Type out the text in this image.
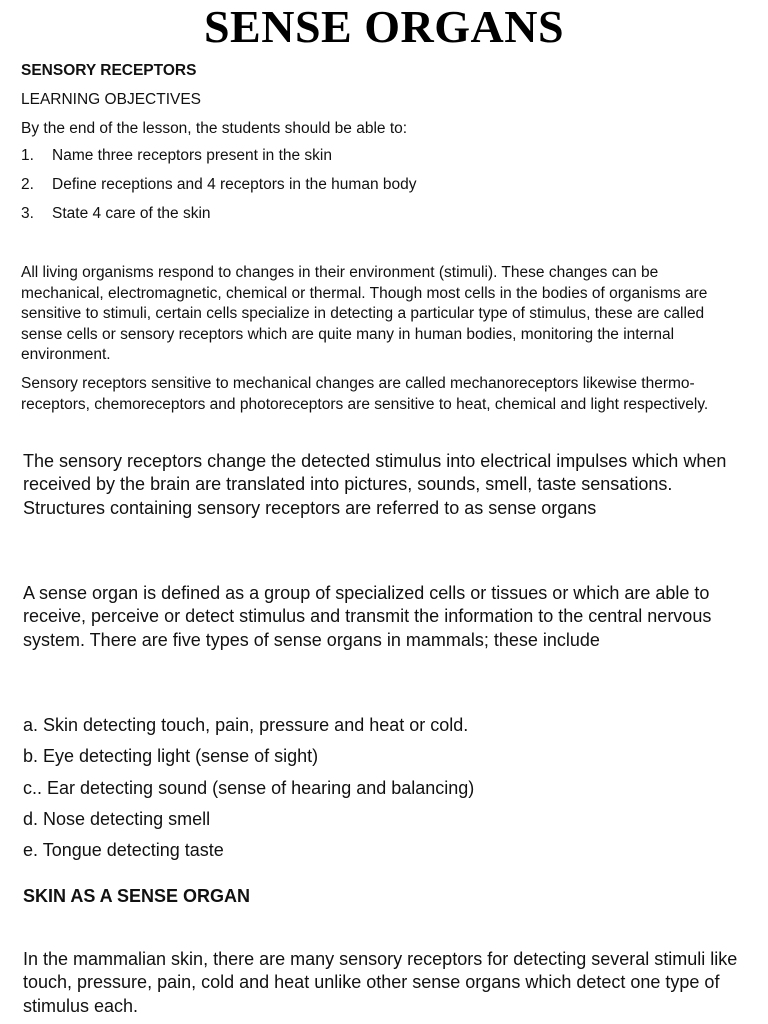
SENSE ORGANS

SENSORY RECEPTORS

LEARNING OBJECTIVES

By the end of the lesson, the students should be able to:

1.	Name three receptors present in the skin
2.	Define receptions and 4 receptors in the human body
3.	State 4 care of the skin

All living organisms respond to changes in their environment (stimuli). These changes can be mechanical, electromagnetic, chemical or thermal. Though most cells in the bodies of organisms are sensitive to stimuli, certain cells specialize in detecting a particular type of stimulus, these are called sense cells or sensory receptors which are quite many in human bodies, monitoring the internal environment.

Sensory receptors sensitive to mechanical changes are called mechanoreceptors likewise thermo-receptors, chemoreceptors and photoreceptors are sensitive to heat, chemical and light respectively.

The sensory receptors change the detected stimulus into electrical impulses which when received by the brain are translated into pictures, sounds, smell, taste sensations. Structures containing sensory receptors are referred to as sense organs

A sense organ is defined as a group of specialized cells or tissues or which are able to receive, perceive or detect stimulus and transmit the information to the central nervous system. There are five types of sense organs in mammals; these include

a. Skin detecting touch, pain, pressure and heat or cold.
b. Eye detecting light (sense of sight)
c.. Ear detecting sound (sense of hearing and balancing)
d. Nose detecting smell
e. Tongue detecting taste

SKIN AS A SENSE ORGAN

In the mammalian skin, there are many sensory receptors for detecting several stimuli like touch, pressure, pain, cold and heat unlike other sense organs which detect one type of stimulus each.
